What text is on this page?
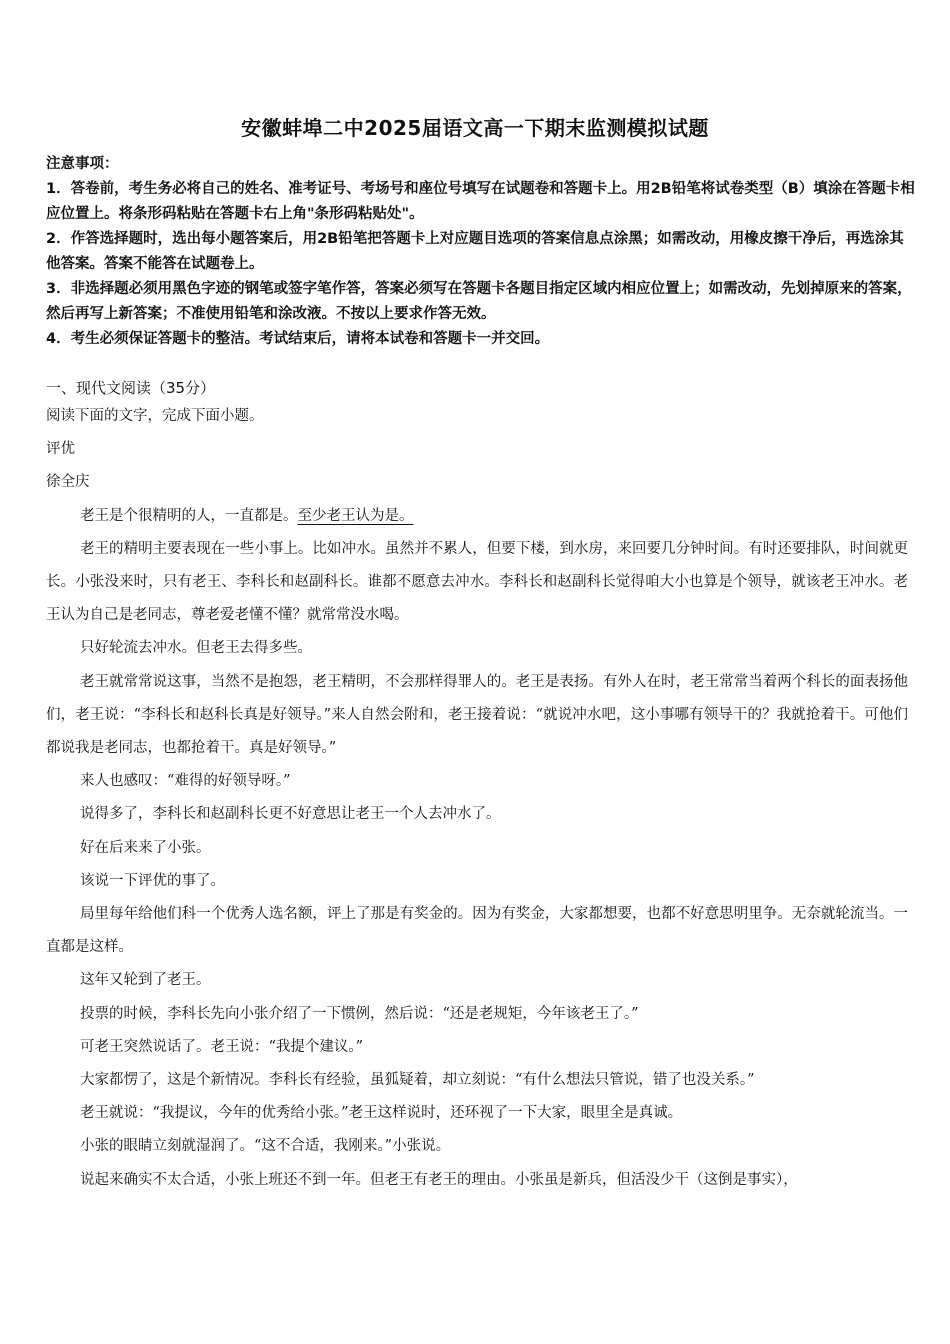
安徽蚌埠二中2025届语文高一下期末监测模拟试题

注意事项：

1．答卷前，考生务必将自己的姓名、准考证号、考场号和座位号填写在试题卷和答题卡上。用2B铅笔将试卷类型（B）填涂在答题卡相应位置上。将条形码粘贴在答题卡右上角"条形码粘贴处"。

2．作答选择题时，选出每小题答案后，用2B铅笔把答题卡上对应题目选项的答案信息点涂黑；如需改动，用橡皮擦干净后，再选涂其他答案。答案不能答在试题卷上。

3．非选择题必须用黑色字迹的钢笔或签字笔作答，答案必须写在答题卡各题目指定区域内相应位置上；如需改动，先划掉原来的答案，然后再写上新答案；不准使用铅笔和涂改液。不按以上要求作答无效。

4．考生必须保证答题卡的整洁。考试结束后，请将本试卷和答题卡一并交回。

一、现代文阅读（35分）

阅读下面的文字，完成下面小题。

评优

徐全庆

老王是个很精明的人，一直都是。至少老王认为是。

老王的精明主要表现在一些小事上。比如冲水。虽然并不累人，但要下楼，到水房，来回要几分钟时间。有时还要排队，时间就更长。小张没来时，只有老王、李科长和赵副科长。谁都不愿意去冲水。李科长和赵副科长觉得咱大小也算是个领导，就该老王冲水。老王认为自己是老同志，尊老爱老懂不懂？就常常没水喝。

只好轮流去冲水。但老王去得多些。

老王就常常说这事，当然不是抱怨，老王精明，不会那样得罪人的。老王是表扬。有外人在时，老王常常当着两个科长的面表扬他们，老王说：“李科长和赵科长真是好领导。”来人自然会附和，老王接着说：“就说冲水吧，这小事哪有领导干的？我就抢着干。可他们都说我是老同志，也都抢着干。真是好领导。”

来人也感叹：“难得的好领导呀。”

说得多了，李科长和赵副科长更不好意思让老王一个人去冲水了。

好在后来来了小张。

该说一下评优的事了。

局里每年给他们科一个优秀人选名额，评上了那是有奖金的。因为有奖金，大家都想要，也都不好意思明里争。无奈就轮流当。一直都是这样。

这年又轮到了老王。

投票的时候，李科长先向小张介绍了一下惯例，然后说：“还是老规矩，今年该老王了。”

可老王突然说话了。老王说：“我提个建议。”

大家都愣了，这是个新情况。李科长有经验，虽狐疑着，却立刻说：“有什么想法只管说，错了也没关系。”

老王就说：“我提议，今年的优秀给小张。”老王这样说时，还环视了一下大家，眼里全是真诚。

小张的眼睛立刻就湿润了。“这不合适，我刚来。”小张说。

说起来确实不太合适，小张上班还不到一年。但老王有老王的理由。小张虽是新兵，但活没少干（这倒是事实），
